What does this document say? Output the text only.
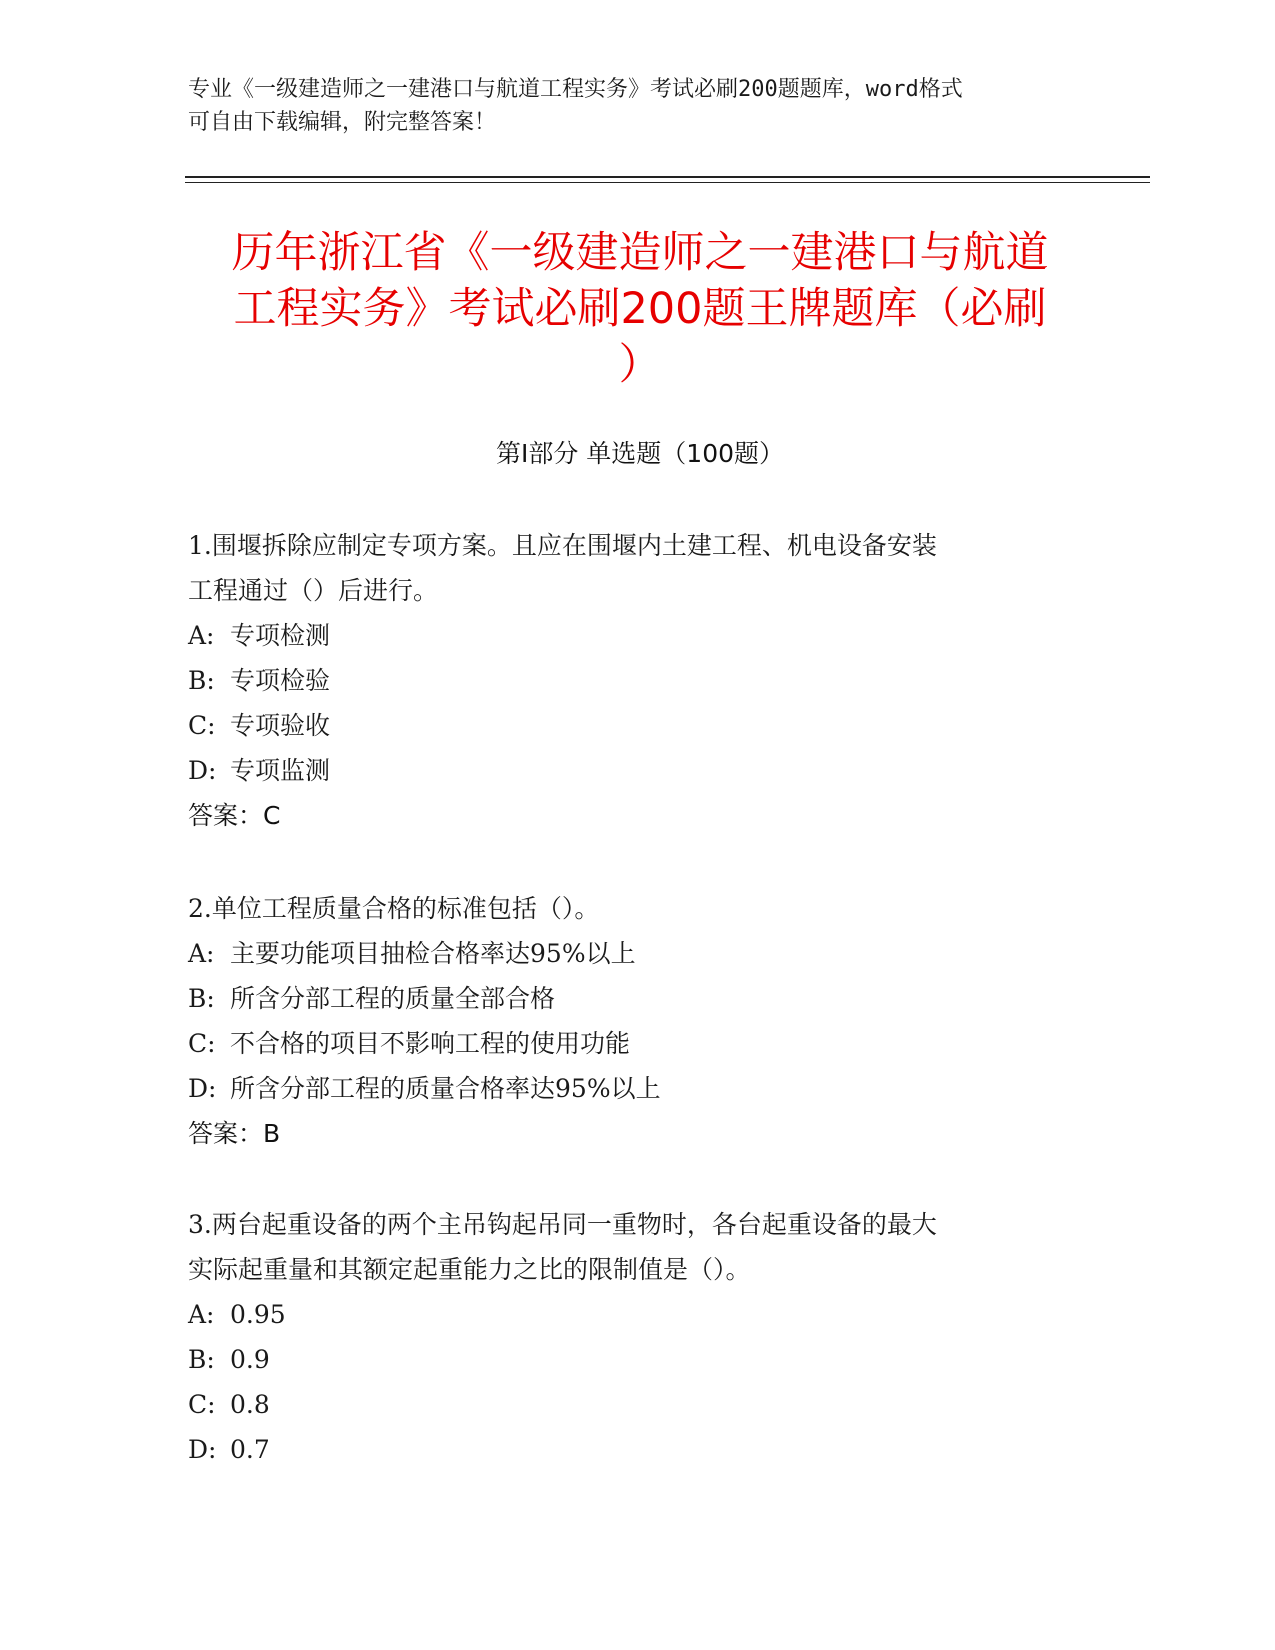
专业《一级建造师之一建港口与航道工程实务》考试必刷200题题库，word格式
可自由下载编辑，附完整答案！
历年浙江省《一级建造师之一建港口与航道
工程实务》考试必刷200题王牌题库（必刷
）
第Ⅰ部分 单选题（100题）
1.围堰拆除应制定专项方案。且应在围堰内土建工程、机电设备安装
工程通过（）后进行。
A: 专项检测
B: 专项检验
C: 专项验收
D: 专项监测
答案：C
2.单位工程质量合格的标准包括（）。
A: 主要功能项目抽检合格率达95%以上
B: 所含分部工程的质量全部合格
C: 不合格的项目不影响工程的使用功能
D: 所含分部工程的质量合格率达95%以上
答案：B
3.两台起重设备的两个主吊钩起吊同一重物时，各台起重设备的最大
实际起重量和其额定起重能力之比的限制值是（）。
A: 0.95
B: 0.9
C: 0.8
D: 0.7
